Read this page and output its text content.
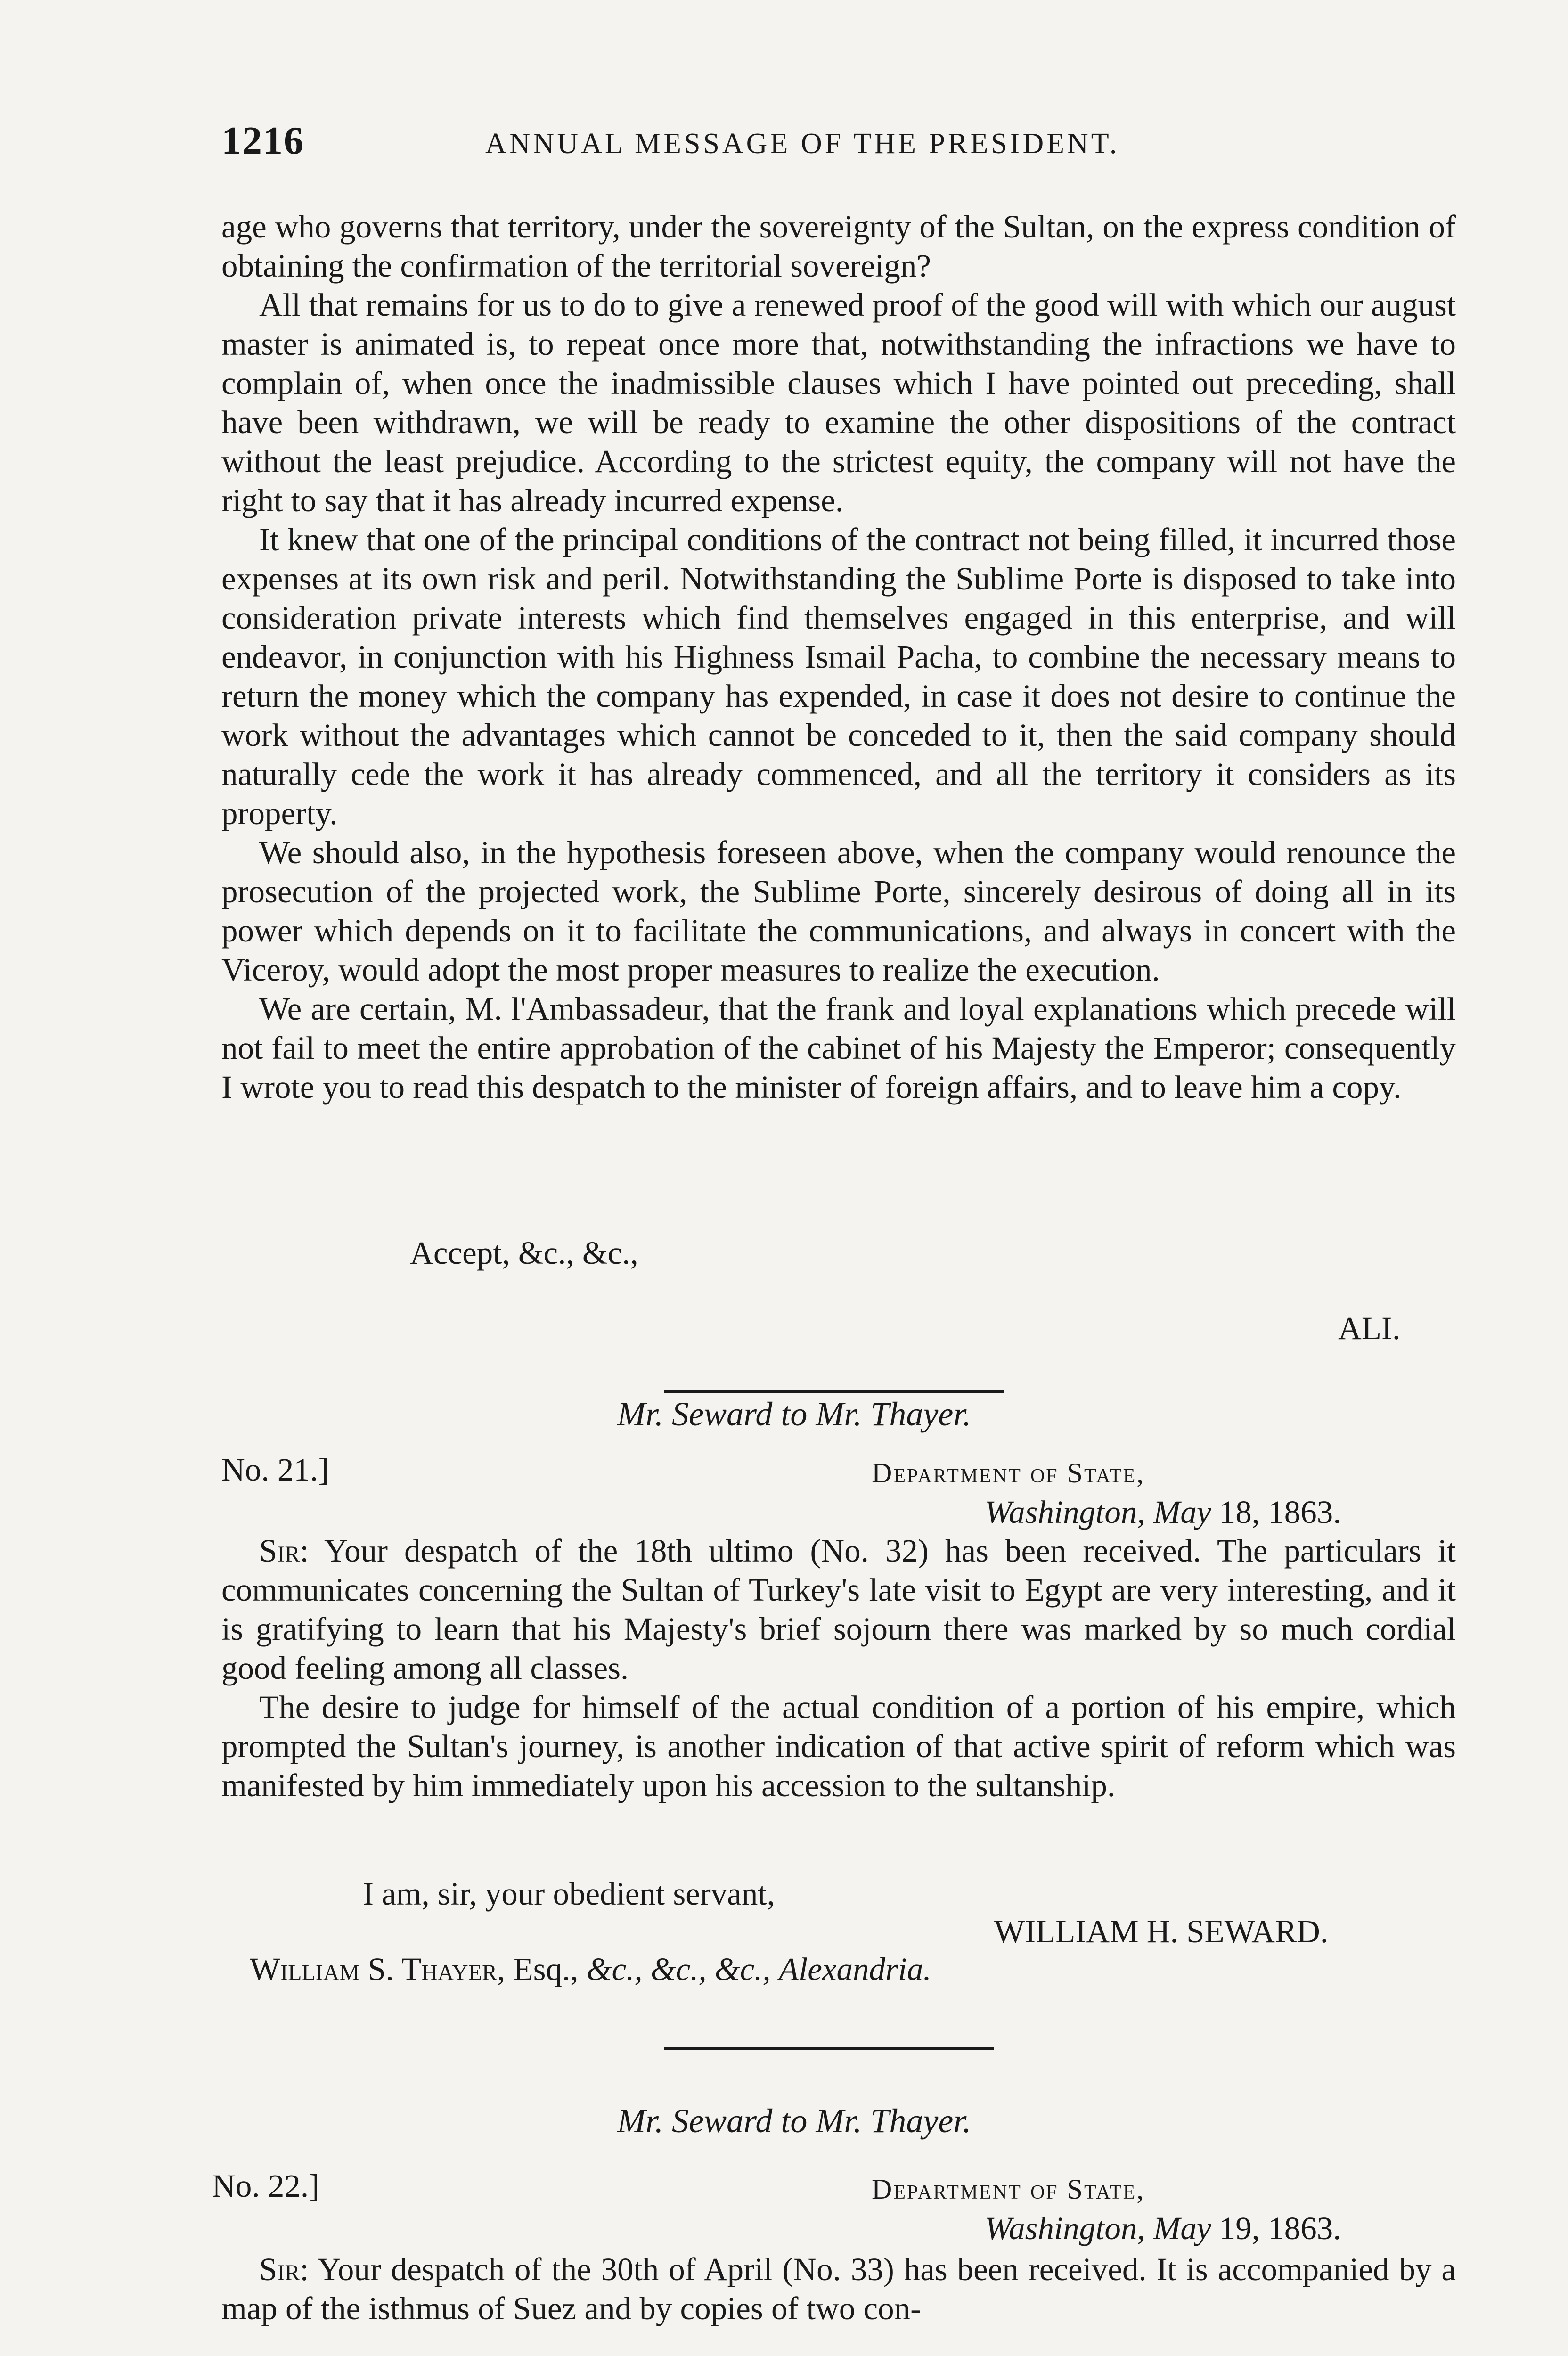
1216	ANNUAL MESSAGE OF THE PRESIDENT.

age who governs that territory, under the sovereignty of the Sultan, on the express condition of obtaining the confirmation of the territorial sovereign?

All that remains for us to do to give a renewed proof of the good will with which our august master is animated is, to repeat once more that, notwithstanding the infractions we have to complain of, when once the inadmissible clauses which I have pointed out preceding, shall have been withdrawn, we will be ready to examine the other dispositions of the contract without the least prejudice. According to the strictest equity, the company will not have the right to say that it has already incurred expense.

It knew that one of the principal conditions of the contract not being filled, it incurred those expenses at its own risk and peril. Notwithstanding the Sublime Porte is disposed to take into consideration private interests which find themselves engaged in this enterprise, and will endeavor, in conjunction with his Highness Ismail Pacha, to combine the necessary means to return the money which the company has expended, in case it does not desire to continue the work without the advantages which cannot be conceded to it, then the said company should naturally cede the work it has already commenced, and all the territory it considers as its property.

We should also, in the hypothesis foreseen above, when the company would renounce the prosecution of the projected work, the Sublime Porte, sincerely desirous of doing all in its power which depends on it to facilitate the communications, and always in concert with the Viceroy, would adopt the most proper measures to realize the execution.

We are certain, M. l'Ambassadeur, that the frank and loyal explanations which precede will not fail to meet the entire approbation of the cabinet of his Majesty the Emperor; consequently I wrote you to read this despatch to the minister of foreign affairs, and to leave him a copy.

Accept, &c., &c.,
ALI.
Mr. Seward to Mr. Thayer.
No. 21.]	Department of State,
Washington, May 18, 1863.

Sir: Your despatch of the 18th ultimo (No. 32) has been received. The particulars it communicates concerning the Sultan of Turkey's late visit to Egypt are very interesting, and it is gratifying to learn that his Majesty's brief sojourn there was marked by so much cordial good feeling among all classes.

The desire to judge for himself of the actual condition of a portion of his empire, which prompted the Sultan's journey, is another indication of that active spirit of reform which was manifested by him immediately upon his accession to the sultanship.

I am, sir, your obedient servant,
WILLIAM H. SEWARD.
William S. Thayer, Esq., &c., &c., &c., Alexandria.
Mr. Seward to Mr. Thayer.
No. 22.]	Department of State,
Washington, May 19, 1863.

Sir: Your despatch of the 30th of April (No. 33) has been received. It is accompanied by a map of the isthmus of Suez and by copies of two con-
